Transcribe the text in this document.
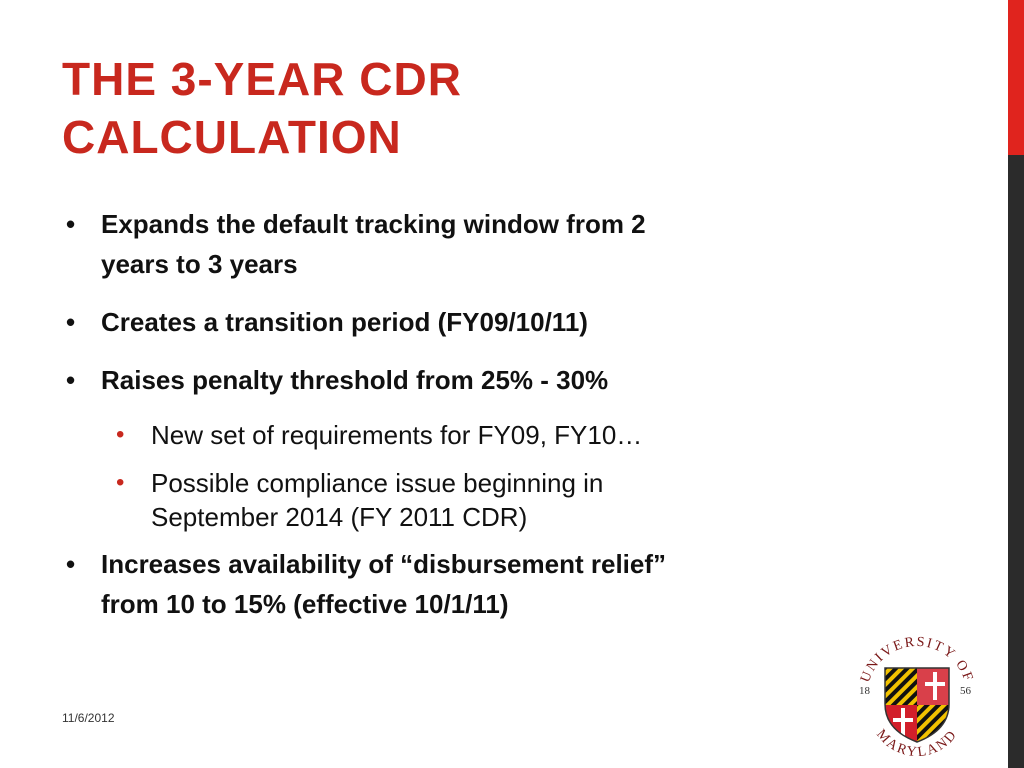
THE 3-YEAR CDR
CALCULATION
• Expands the default tracking window from 2
years to 3 years
• Creates a transition period (FY09/10/11)
• Raises penalty threshold from 25% - 30%
• New set of requirements for FY09, FY10…
• Possible compliance issue beginning in
September 2014 (FY 2011 CDR)
• Increases availability of “disbursement relief”
from 10 to 15% (effective 10/1/11)
11/6/2012
UNIVERSITY OF
MARYLAND
18	56
